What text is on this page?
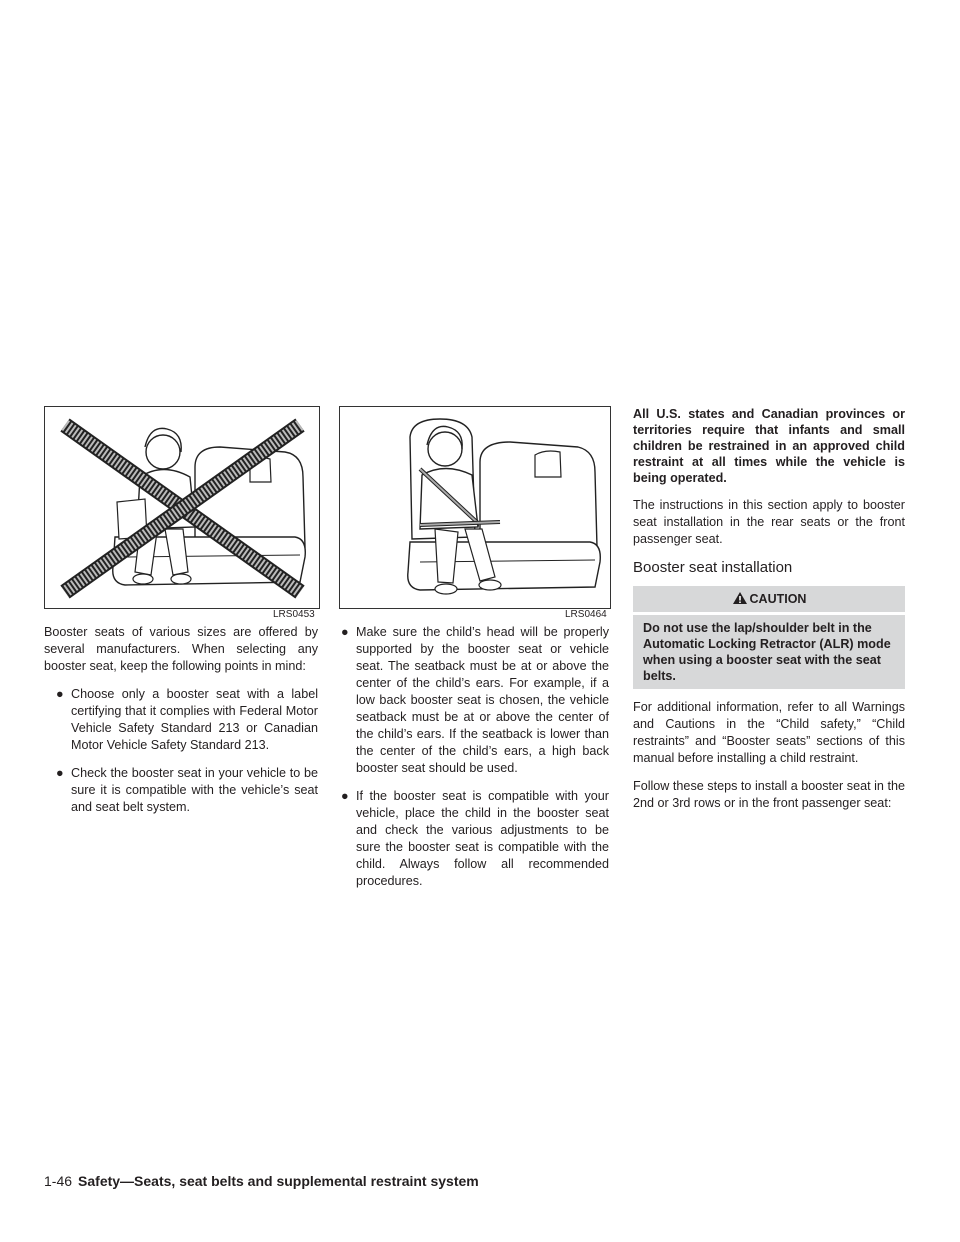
LRS0453	LRS0464

Booster seats of various sizes are offered by several manufacturers. When selecting any booster seat, keep the following points in mind:

● Choose only a booster seat with a label certifying that it complies with Federal Motor Vehicle Safety Standard 213 or Canadian Motor Vehicle Safety Standard 213.
● Check the booster seat in your vehicle to be sure it is compatible with the vehicle’s seat and seat belt system.
● Make sure the child’s head will be properly supported by the booster seat or vehicle seat. The seatback must be at or above the center of the child’s ears. For example, if a low back booster seat is chosen, the vehicle seatback must be at or above the center of the child’s ears. If the seatback is lower than the center of the child’s ears, a high back booster seat should be used.
● If the booster seat is compatible with your vehicle, place the child in the booster seat and check the various adjustments to be sure the booster seat is compatible with the child. Always follow all recommended procedures.

All U.S. states and Canadian provinces or territories require that infants and small children be restrained in an approved child restraint at all times while the vehicle is being operated.

The instructions in this section apply to booster seat installation in the rear seats or the front passenger seat.

Booster seat installation
CAUTION
Do not use the lap/shoulder belt in the Automatic Locking Retractor (ALR) mode when using a booster seat with the seat belts.

For additional information, refer to all Warnings and Cautions in the “Child safety,” “Child restraints” and “Booster seats” sections of this manual before installing a child restraint.

Follow these steps to install a booster seat in the 2nd or 3rd rows or in the front passenger seat:

1-46 Safety—Seats, seat belts and supplemental restraint system
